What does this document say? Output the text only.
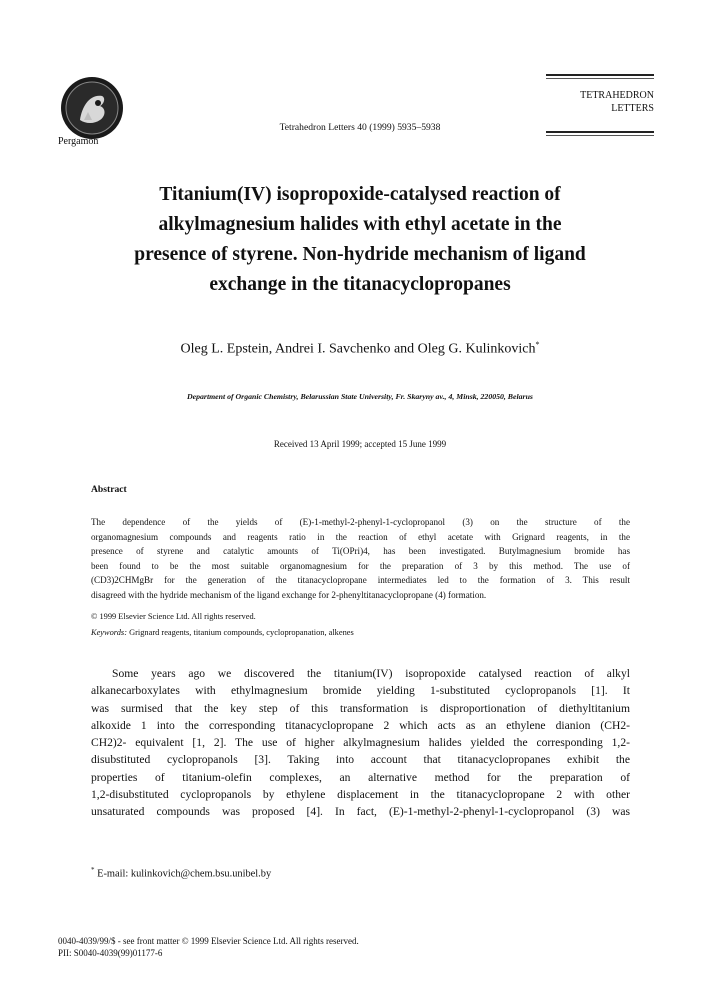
Pergamon
Tetrahedron Letters 40 (1999) 5935–5938
TETRAHEDRON
LETTERS
Titanium(IV) isopropoxide-catalysed reaction of
alkylmagnesium halides with ethyl acetate in the
presence of styrene. Non-hydride mechanism of ligand
exchange in the titanacyclopropanes
Oleg L. Epstein, Andrei I. Savchenko and Oleg G. Kulinkovich*
Department of Organic Chemistry, Belarussian State University, Fr. Skaryny av., 4, Minsk, 220050, Belarus
Received 13 April 1999; accepted 15 June 1999
Abstract
The dependence of the yields of (E)-1-methyl-2-phenyl-1-cyclopropanol (3) on the structure of the
organomagnesium compounds and reagents ratio in the reaction of ethyl acetate with Grignard reagents, in the
presence of styrene and catalytic amounts of Ti(OPri)4, has been investigated. Butylmagnesium bromide has
been found to be the most suitable organomagnesium for the preparation of 3 by this method. The use of
(CD3)2CHMgBr for the generation of the titanacyclopropane intermediates led to the formation of 3. This result
disagreed with the hydride mechanism of the ligand exchange for 2-phenyltitanacyclopropane (4) formation.
© 1999 Elsevier Science Ltd. All rights reserved.
Keywords: Grignard reagents, titanium compounds, cyclopropanation, alkenes
Some years ago we discovered the titanium(IV) isopropoxide catalysed reaction of alkyl
alkanecarboxylates with ethylmagnesium bromide yielding 1-substituted cyclopropanols [1]. It
was surmised that the key step of this transformation is disproportionation of diethyltitanium
alkoxide 1 into the corresponding titanacyclopropane 2 which acts as an ethylene dianion (CH2-
CH2)2- equivalent [1, 2]. The use of higher alkylmagnesium halides yielded the corresponding 1,2-
disubstituted cyclopropanols [3]. Taking into account that titanacyclopropanes exhibit the
properties of titanium-olefin complexes, an alternative method for the preparation of
1,2-disubstituted cyclopropanols by ethylene displacement in the titanacyclopropane 2 with other
unsaturated compounds was proposed [4]. In fact, (E)-1-methyl-2-phenyl-1-cyclopropanol (3) was
* E-mail: kulinkovich@chem.bsu.unibel.by
0040-4039/99/$ - see front matter © 1999 Elsevier Science Ltd. All rights reserved.
PII: S0040-4039(99)01177-6
